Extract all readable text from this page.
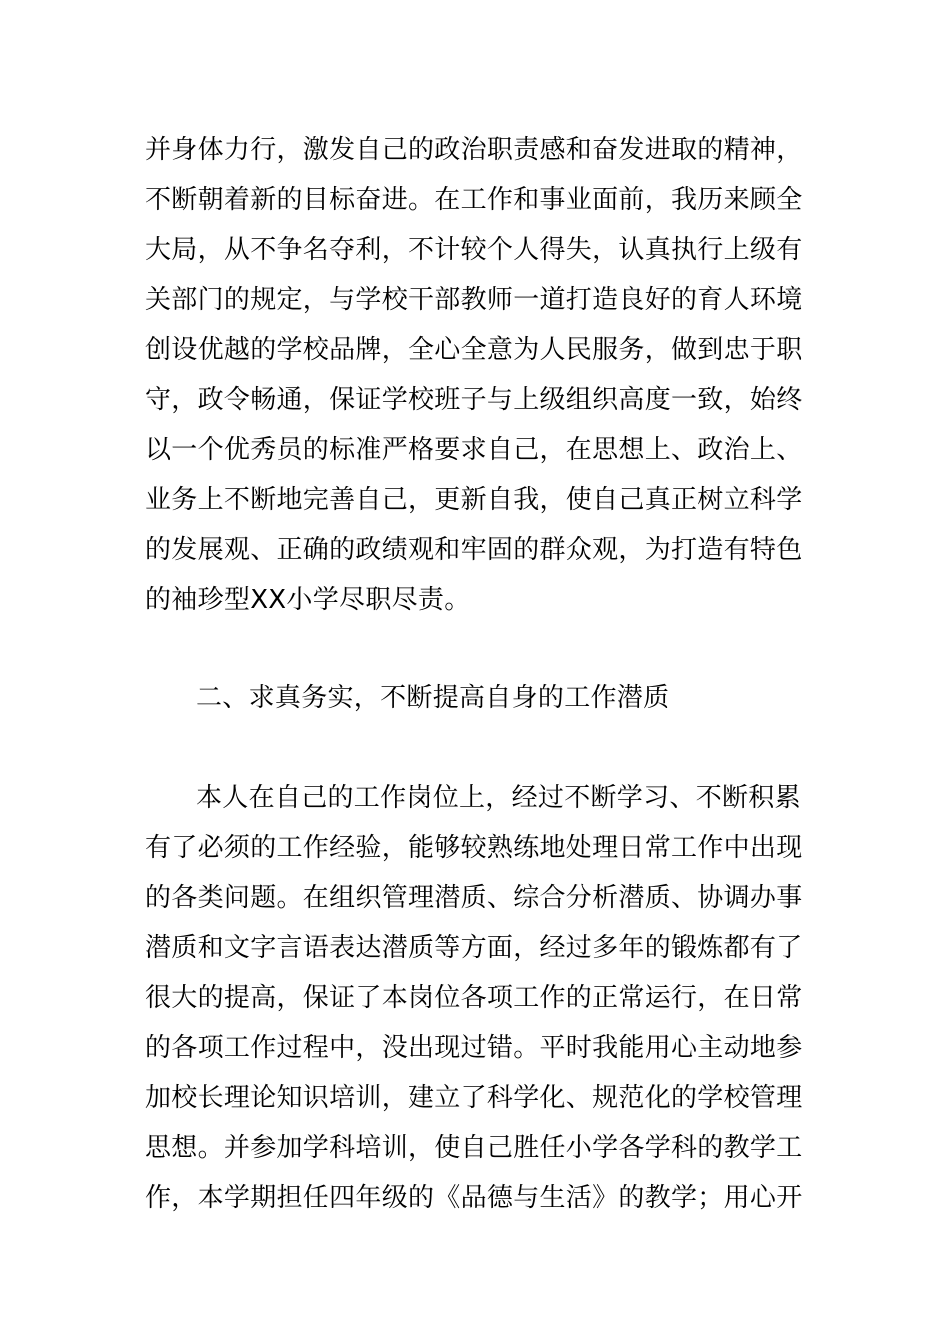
并身体力行，激发自己的政治职责感和奋发进取的精神，
不断朝着新的目标奋进。在工作和事业面前，我历来顾全
大局，从不争名夺利，不计较个人得失，认真执行上级有
关部门的规定，与学校干部教师一道打造良好的育人环境
创设优越的学校品牌，全心全意为人民服务，做到忠于职
守，政令畅通，保证学校班子与上级组织高度一致，始终
以一个优秀员的标准严格要求自己，在思想上、政治上、
业务上不断地完善自己，更新自我，使自己真正树立科学
的发展观、正确的政绩观和牢固的群众观，为打造有特色
的袖珍型XX小学尽职尽责。
二、求真务实，不断提高自身的工作潜质
本人在自己的工作岗位上，经过不断学习、不断积累
有了必须的工作经验，能够较熟练地处理日常工作中出现
的各类问题。在组织管理潜质、综合分析潜质、协调办事
潜质和文字言语表达潜质等方面，经过多年的锻炼都有了
很大的提高，保证了本岗位各项工作的正常运行，在日常
的各项工作过程中，没出现过错。平时我能用心主动地参
加校长理论知识培训，建立了科学化、规范化的学校管理
思想。并参加学科培训，使自己胜任小学各学科的教学工
作，本学期担任四年级的《品德与生活》的教学；用心开
